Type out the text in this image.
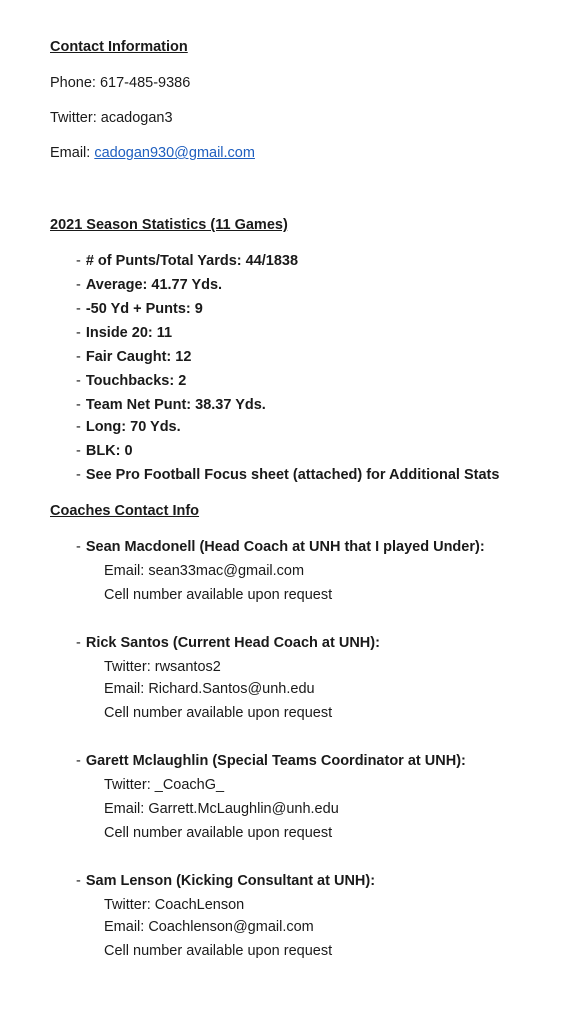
Contact Information
Phone: 617-485-9386
Twitter: acadogan3
Email: cadogan930@gmail.com
2021 Season Statistics (11 Games)
- # of Punts/Total Yards: 44/1838
- Average: 41.77 Yds.
- -50 Yd + Punts: 9
- Inside 20: 11
- Fair Caught: 12
- Touchbacks: 2
- Team Net Punt: 38.37 Yds.
- Long: 70 Yds.
- BLK: 0
- See Pro Football Focus sheet (attached) for Additional Stats
Coaches Contact Info
- Sean Macdonell (Head Coach at UNH that I played Under):
Email: sean33mac@gmail.com
Cell number available upon request
- Rick Santos (Current Head Coach at UNH):
Twitter: rwsantos2
Email: Richard.Santos@unh.edu
Cell number available upon request
- Garett Mclaughlin (Special Teams Coordinator at UNH):
Twitter: _CoachG_
Email: Garrett.McLaughlin@unh.edu
Cell number available upon request
- Sam Lenson (Kicking Consultant at UNH):
Twitter: CoachLenson
Email: Coachlenson@gmail.com
Cell number available upon request
